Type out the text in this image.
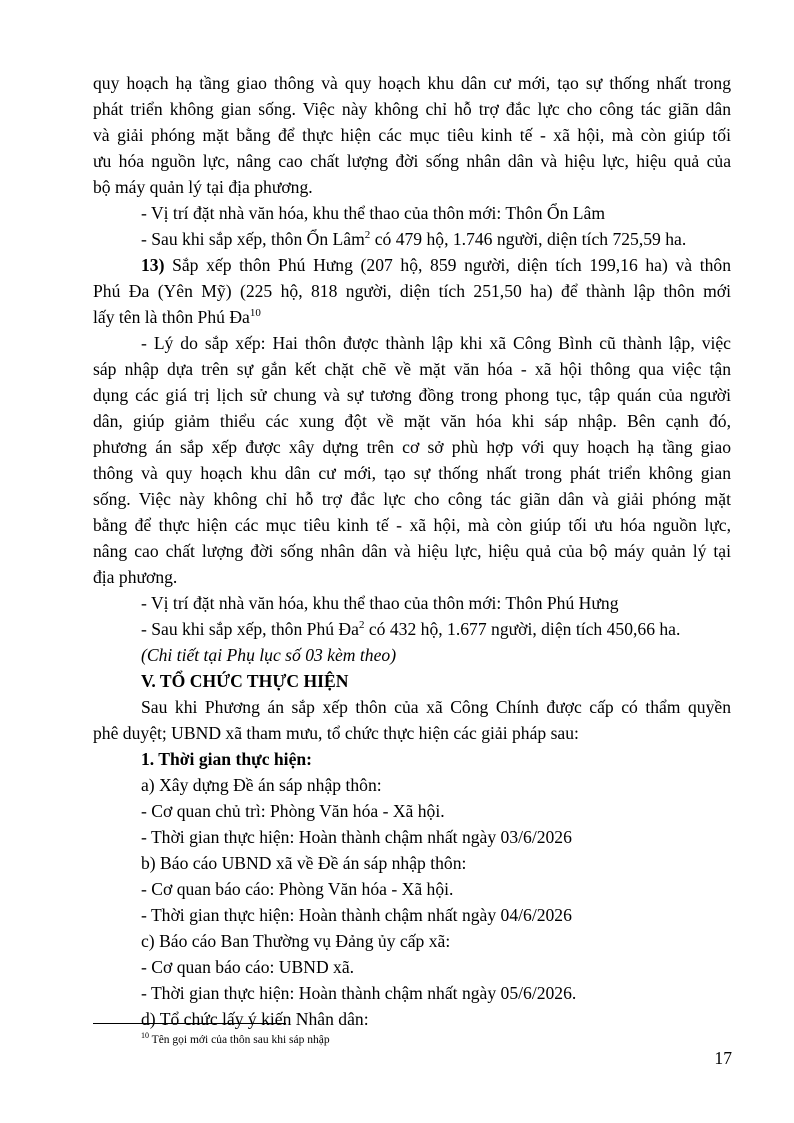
quy hoạch hạ tầng giao thông và quy hoạch khu dân cư mới, tạo sự thống nhất trong
phát triển không gian sống. Việc này không chỉ hỗ trợ đắc lực cho công tác giãn dân
và giải phóng mặt bằng để thực hiện các mục tiêu kinh tế - xã hội, mà còn giúp tối
ưu hóa nguồn lực, nâng cao chất lượng đời sống nhân dân và hiệu lực, hiệu quả của
bộ máy quản lý tại địa phương.
- Vị trí đặt nhà văn hóa, khu thể thao của thôn mới: Thôn Ổn Lâm
- Sau khi sắp xếp, thôn Ổn Lâm$^2$ có 479 hộ, 1.746 người, diện tích 725,59 ha.
13) Sắp xếp thôn Phú Hưng (207 hộ, 859 người, diện tích 199,16 ha) và thôn
Phú Đa (Yên Mỹ) (225 hộ, 818 người, diện tích 251,50 ha) để thành lập thôn mới
lấy tên là thôn Phú $Đa^{10}$
- Lý do sắp xếp: Hai thôn được thành lập khi xã Công Bình cũ thành lập, việc
sáp nhập dựa trên sự gắn kết chặt chẽ về mặt văn hóa - xã hội thông qua việc tận
dụng các giá trị lịch sử chung và sự tương đồng trong phong tục, tập quán của người
dân, giúp giảm thiểu các xung đột về mặt văn hóa khi sáp nhập. Bên cạnh đó,
phương án sắp xếp được xây dựng trên cơ sở phù hợp với quy hoạch hạ tầng giao
thông và quy hoạch khu dân cư mới, tạo sự thống nhất trong phát triển không gian
sống. Việc này không chỉ hỗ trợ đắc lực cho công tác giãn dân và giải phóng mặt
bằng để thực hiện các mục tiêu kinh tế - xã hội, mà còn giúp tối ưu hóa nguồn lực,
nâng cao chất lượng đời sống nhân dân và hiệu lực, hiệu quả của bộ máy quản lý tại
địa phương.
- Vị trí đặt nhà văn hóa, khu thể thao của thôn mới: Thôn Phú Hưng
- Sau khi sắp xếp, thôn Phú $Đa^2$ có 432 hộ, 1.677 người, diện tích 450,66 ha.
(Chi tiết tại Phụ lục số 03 kèm theo)
V. TỔ CHỨC THỰC HIỆN
Sau khi Phương án sắp xếp thôn của xã Công Chính được cấp có thẩm quyền
phê duyệt; UBND xã tham mưu, tổ chức thực hiện các giải pháp sau:
1. Thời gian thực hiện:
a) Xây dựng Đề án sáp nhập thôn:
- Cơ quan chủ trì: Phòng Văn hóa - Xã hội.
- Thời gian thực hiện: Hoàn thành chậm nhất ngày 03/6/2026
b) Báo cáo UBND xã về Đề án sáp nhập thôn:
- Cơ quan báo cáo: Phòng Văn hóa - Xã hội.
- Thời gian thực hiện: Hoàn thành chậm nhất ngày 04/6/2026
c) Báo cáo Ban Thường vụ Đảng ủy cấp xã:
- Cơ quan báo cáo: UBND xã.
- Thời gian thực hiện: Hoàn thành chậm nhất ngày 05/6/2026.
d) Tổ chức lấy ý kiến Nhân dân:
$^{10}$ Tên gọi mới của thôn sau khi sáp nhập
17
